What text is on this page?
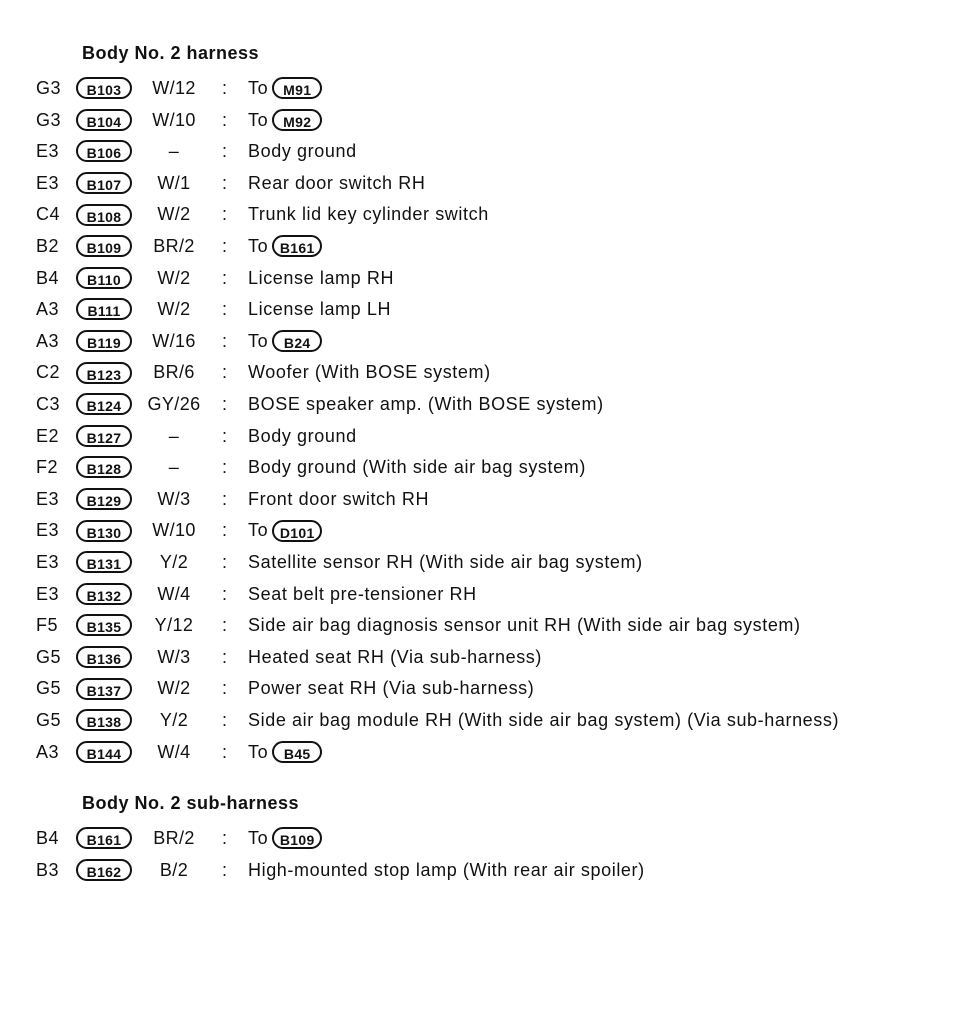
Body No. 2 harness
G3	B103	W/12	: To M91
G3	B104	W/10	: To M92
E3	B106	–	: Body ground
E3	B107	W/1	: Rear door switch RH
C4	B108	W/2	: Trunk lid key cylinder switch
B2	B109	BR/2	: To B161
B4	B110	W/2	: License lamp RH
A3	B111	W/2	: License lamp LH
A3	B119	W/16	: To B24
C2	B123	BR/6	: Woofer (With BOSE system)
C3	B124	GY/26	: BOSE speaker amp. (With BOSE system)
E2	B127	–	: Body ground
F2	B128	–	: Body ground (With side air bag system)
E3	B129	W/3	: Front door switch RH
E3	B130	W/10	: To D101
E3	B131	Y/2	: Satellite sensor RH (With side air bag system)
E3	B132	W/4	: Seat belt pre-tensioner RH
F5	B135	Y/12	: Side air bag diagnosis sensor unit RH (With side air bag system)
G5	B136	W/3	: Heated seat RH (Via sub-harness)
G5	B137	W/2	: Power seat RH (Via sub-harness)
G5	B138	Y/2	: Side air bag module RH (With side air bag system) (Via sub-harness)
A3	B144	W/4	: To B45
Body No. 2 sub-harness
B4	B161	BR/2	: To B109
B3	B162	B/2	: High-mounted stop lamp (With rear air spoiler)
